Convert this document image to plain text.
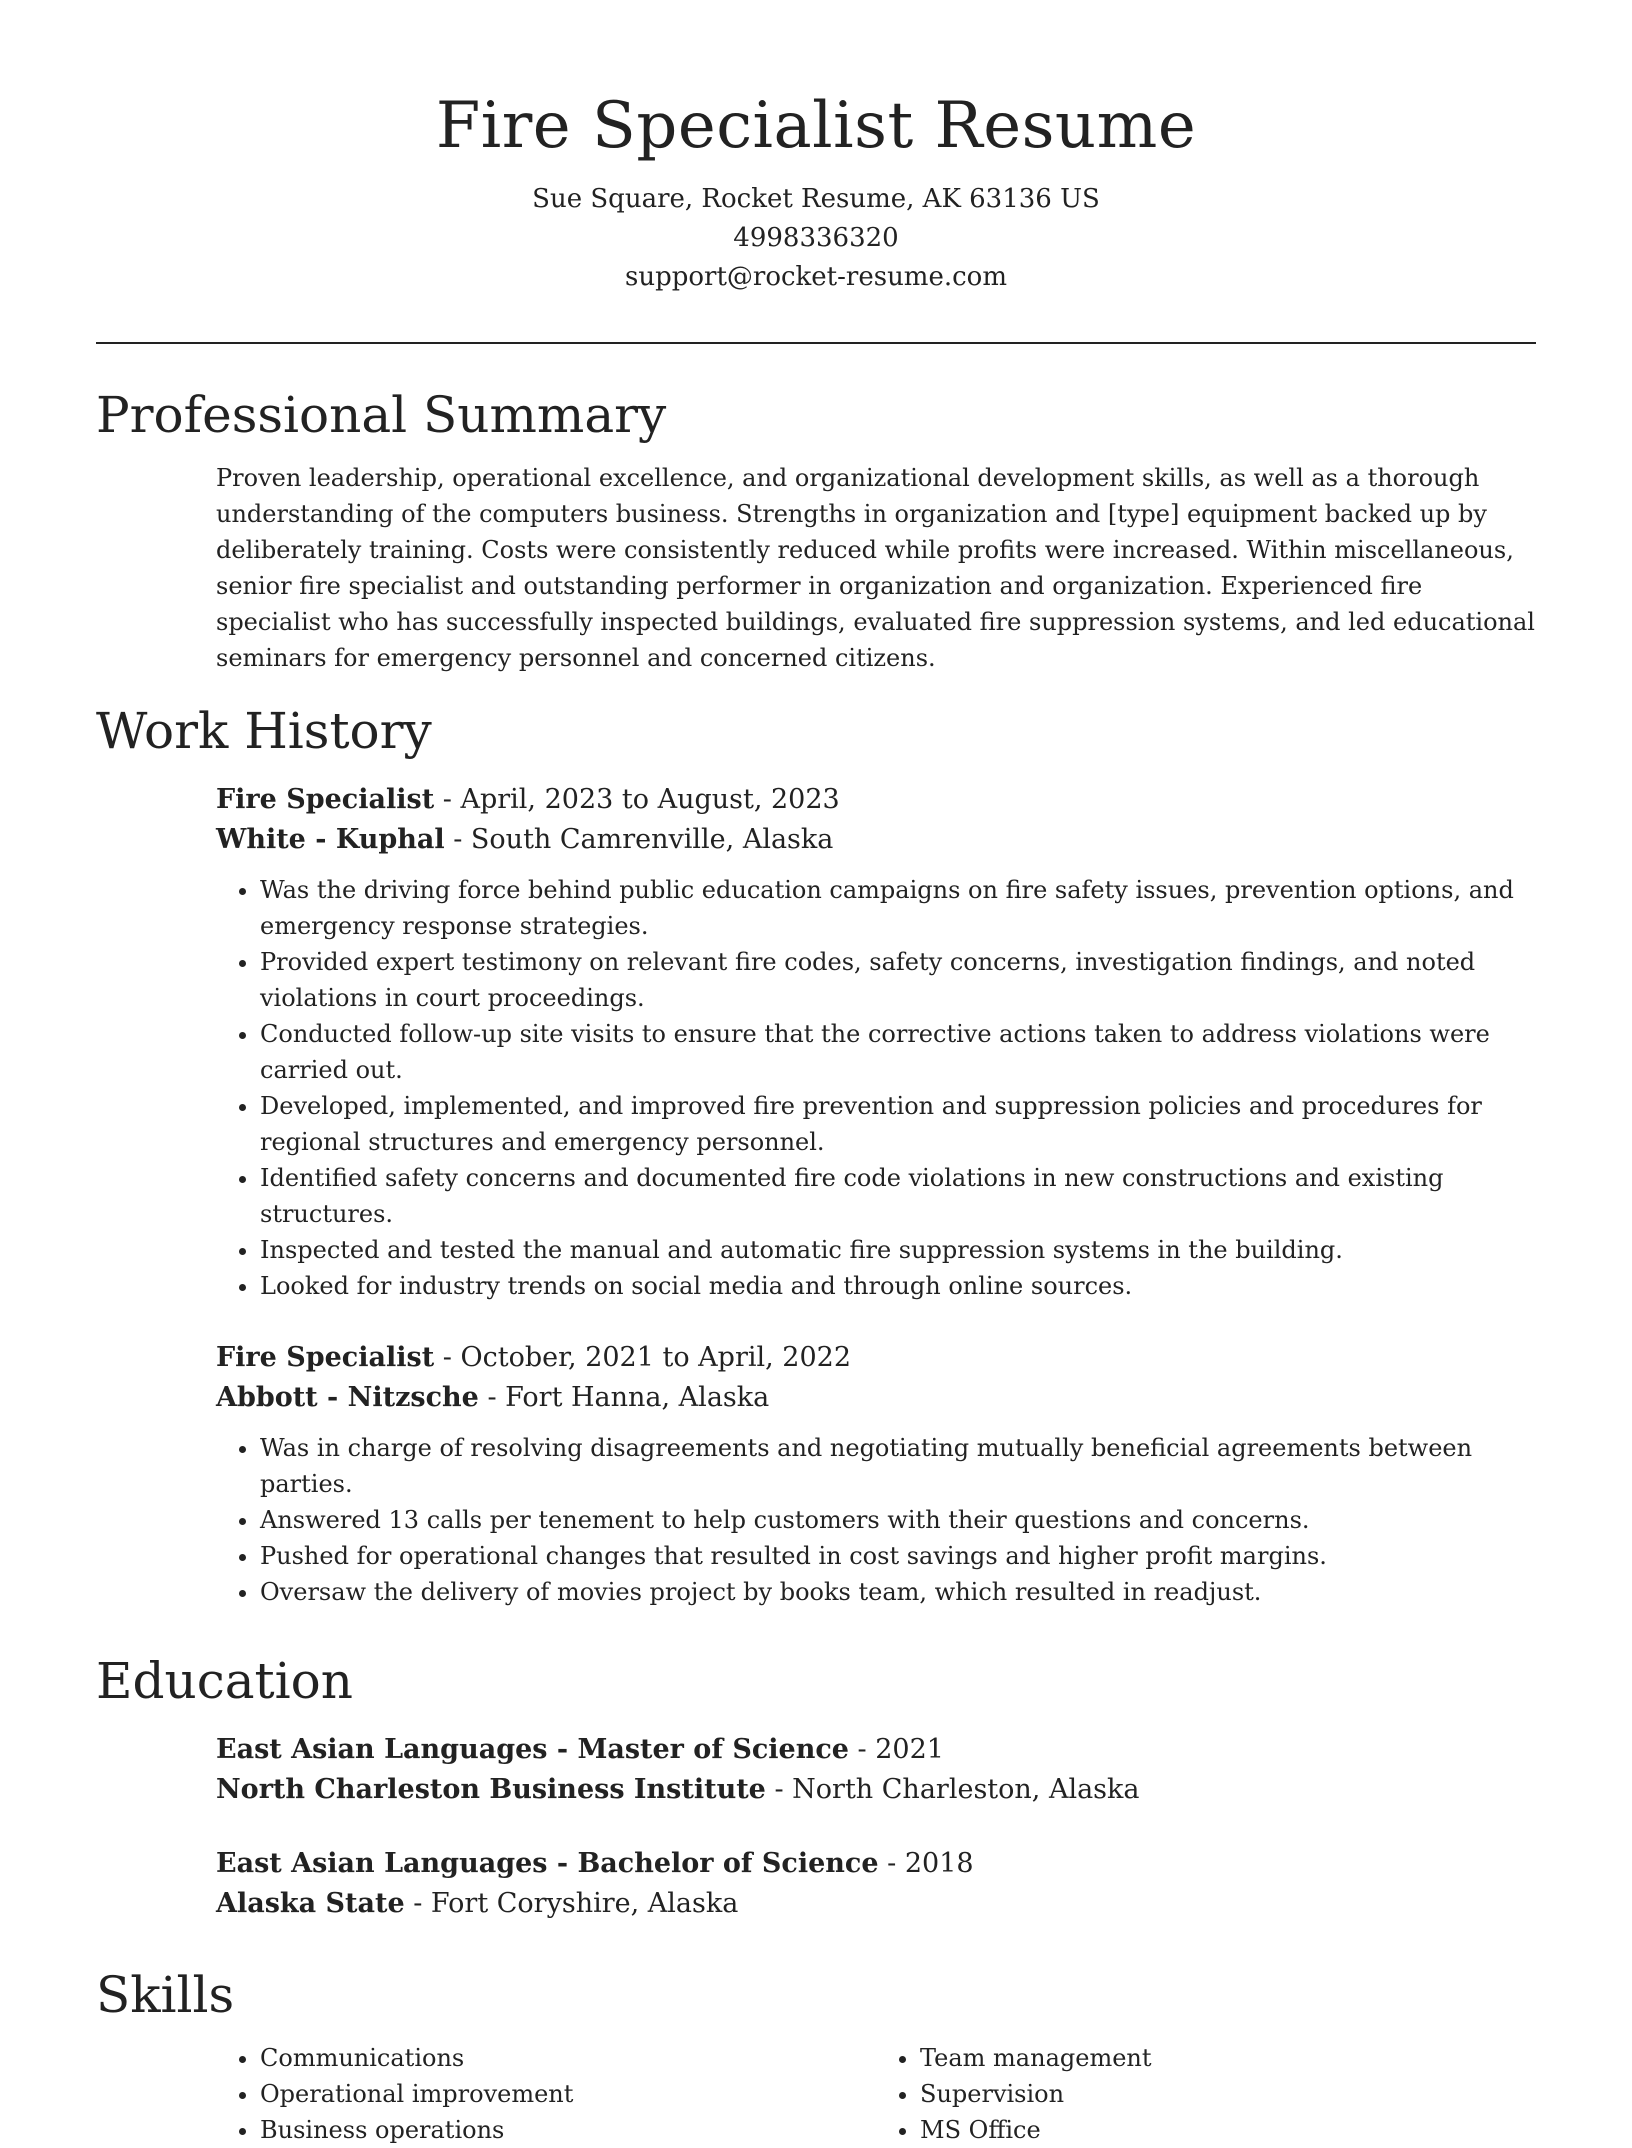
Fire Specialist Resume
Sue Square, Rocket Resume, AK 63136 US
4998336320
support@rocket-resume.com
Professional Summary

Proven leadership, operational excellence, and organizational development skills, as well as a thorough understanding of the computers business. Strengths in organization and [type] equipment backed up by deliberately training. Costs were consistently reduced while profits were increased. Within miscellaneous, senior fire specialist and outstanding performer in organization and organization. Experienced fire specialist who has successfully inspected buildings, evaluated fire suppression systems, and led educational seminars for emergency personnel and concerned citizens.

Work History
Fire Specialist - April, 2023 to August, 2023
White - Kuphal - South Camrenville, Alaska
• Was the driving force behind public education campaigns on fire safety issues, prevention options, and emergency response strategies.
• Provided expert testimony on relevant fire codes, safety concerns, investigation findings, and noted violations in court proceedings.
• Conducted follow-up site visits to ensure that the corrective actions taken to address violations were carried out.
• Developed, implemented, and improved fire prevention and suppression policies and procedures for regional structures and emergency personnel.
• Identified safety concerns and documented fire code violations in new constructions and existing structures.
• Inspected and tested the manual and automatic fire suppression systems in the building.
• Looked for industry trends on social media and through online sources.
Fire Specialist - October, 2021 to April, 2022
Abbott - Nitzsche - Fort Hanna, Alaska
• Was in charge of resolving disagreements and negotiating mutually beneficial agreements between parties.
• Answered 13 calls per tenement to help customers with their questions and concerns.
• Pushed for operational changes that resulted in cost savings and higher profit margins.
• Oversaw the delivery of movies project by books team, which resulted in readjust.
Education
East Asian Languages - Master of Science - 2021
North Charleston Business Institute - North Charleston, Alaska
East Asian Languages - Bachelor of Science - 2018
Alaska State - Fort Coryshire, Alaska
Skills
• Communications
• Operational improvement
• Business operations
• Team management
• Supervision
• MS Office
